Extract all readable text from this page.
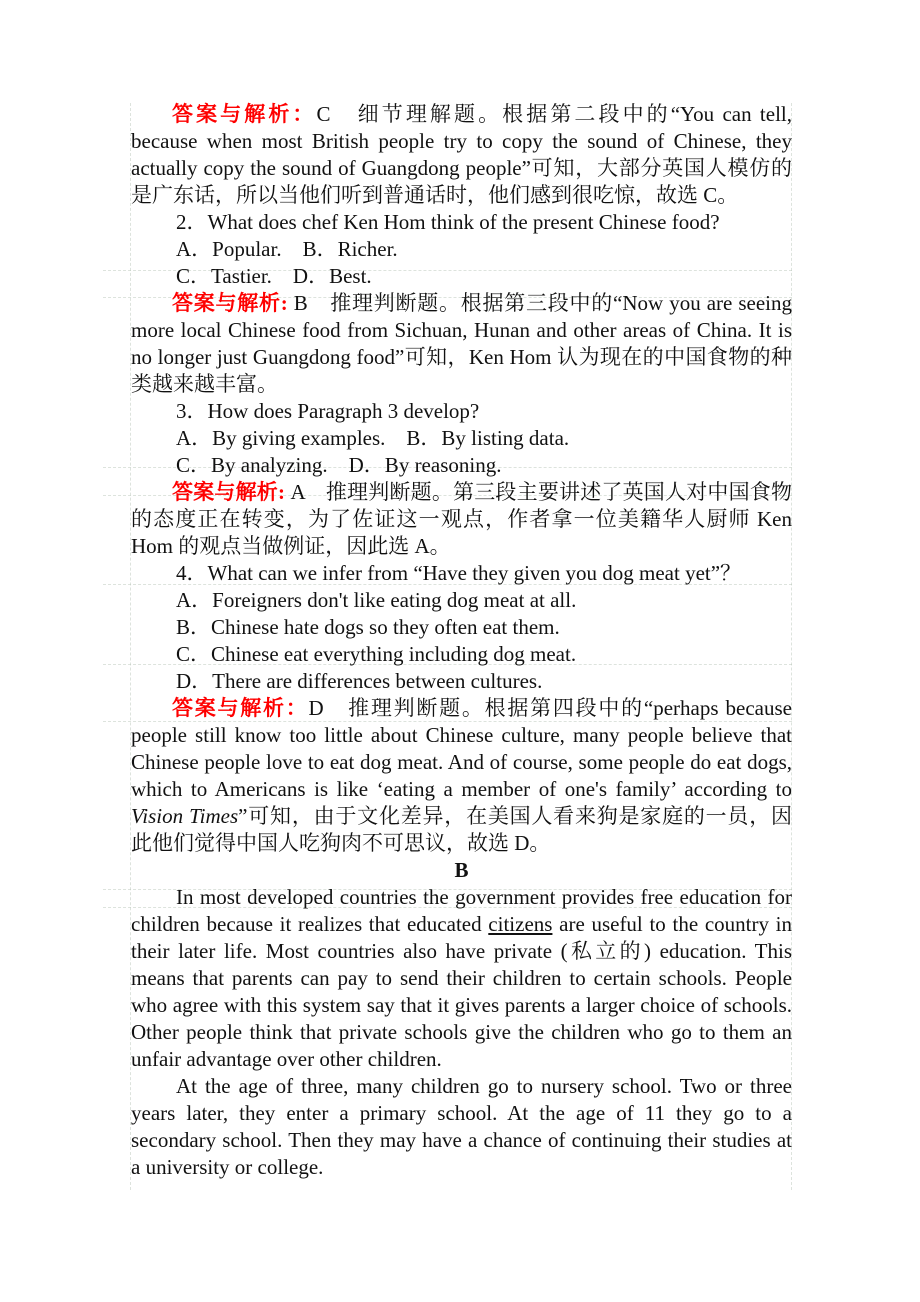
答案与解析：C　细节理解题。根据第二段中的“You can tell, because when most British people try to copy the sound of Chinese, they actually copy the sound of Guangdong people”可知，大部分英国人模仿的是广东话，所以当他们听到普通话时，他们感到很吃惊，故选 C。

2．What does chef Ken Hom think of the present Chinese food?

A．Popular.　B．Richer.

C．Tastier.　D．Best.

答案与解析: B　推理判断题。根据第三段中的“Now you are seeing more local Chinese food from Sichuan, Hunan and other areas of China. It is no longer just Guangdong food”可知，Ken Hom 认为现在的中国食物的种类越来越丰富。

3．How does Paragraph 3 develop?

A．By giving examples.　B．By listing data.

C．By analyzing.　D．By reasoning.

答案与解析: A　推理判断题。第三段主要讲述了英国人对中国食物的态度正在转变，为了佐证这一观点，作者拿一位美籍华人厨师 Ken Hom 的观点当做例证，因此选 A。

4．What can we infer from “Have they given you dog meat yet”？

A．Foreigners don't like eating dog meat at all.

B．Chinese hate dogs so they often eat them.

C．Chinese eat everything including dog meat.

D．There are differences between cultures.

答案与解析：D　推理判断题。根据第四段中的“perhaps because people still know too little about Chinese culture, many people believe that Chinese people love to eat dog meat. And of course, some people do eat dogs, which to Americans is like ‘eating a member of one's family’ according to Vision Times”可知，由于文化差异，在美国人看来狗是家庭的一员，因此他们觉得中国人吃狗肉不可思议，故选 D。

B

In most developed countries the government provides free education for children because it realizes that educated citizens are useful to the country in their later life. Most countries also have private (私立的) education. This means that parents can pay to send their children to certain schools. People who agree with this system say that it gives parents a larger choice of schools. Other people think that private schools give the children who go to them an unfair advantage over other children.

At the age of three, many children go to nursery school. Two or three years later, they enter a primary school. At the age of 11 they go to a secondary school. Then they may have a chance of continuing their studies at a university or college.
